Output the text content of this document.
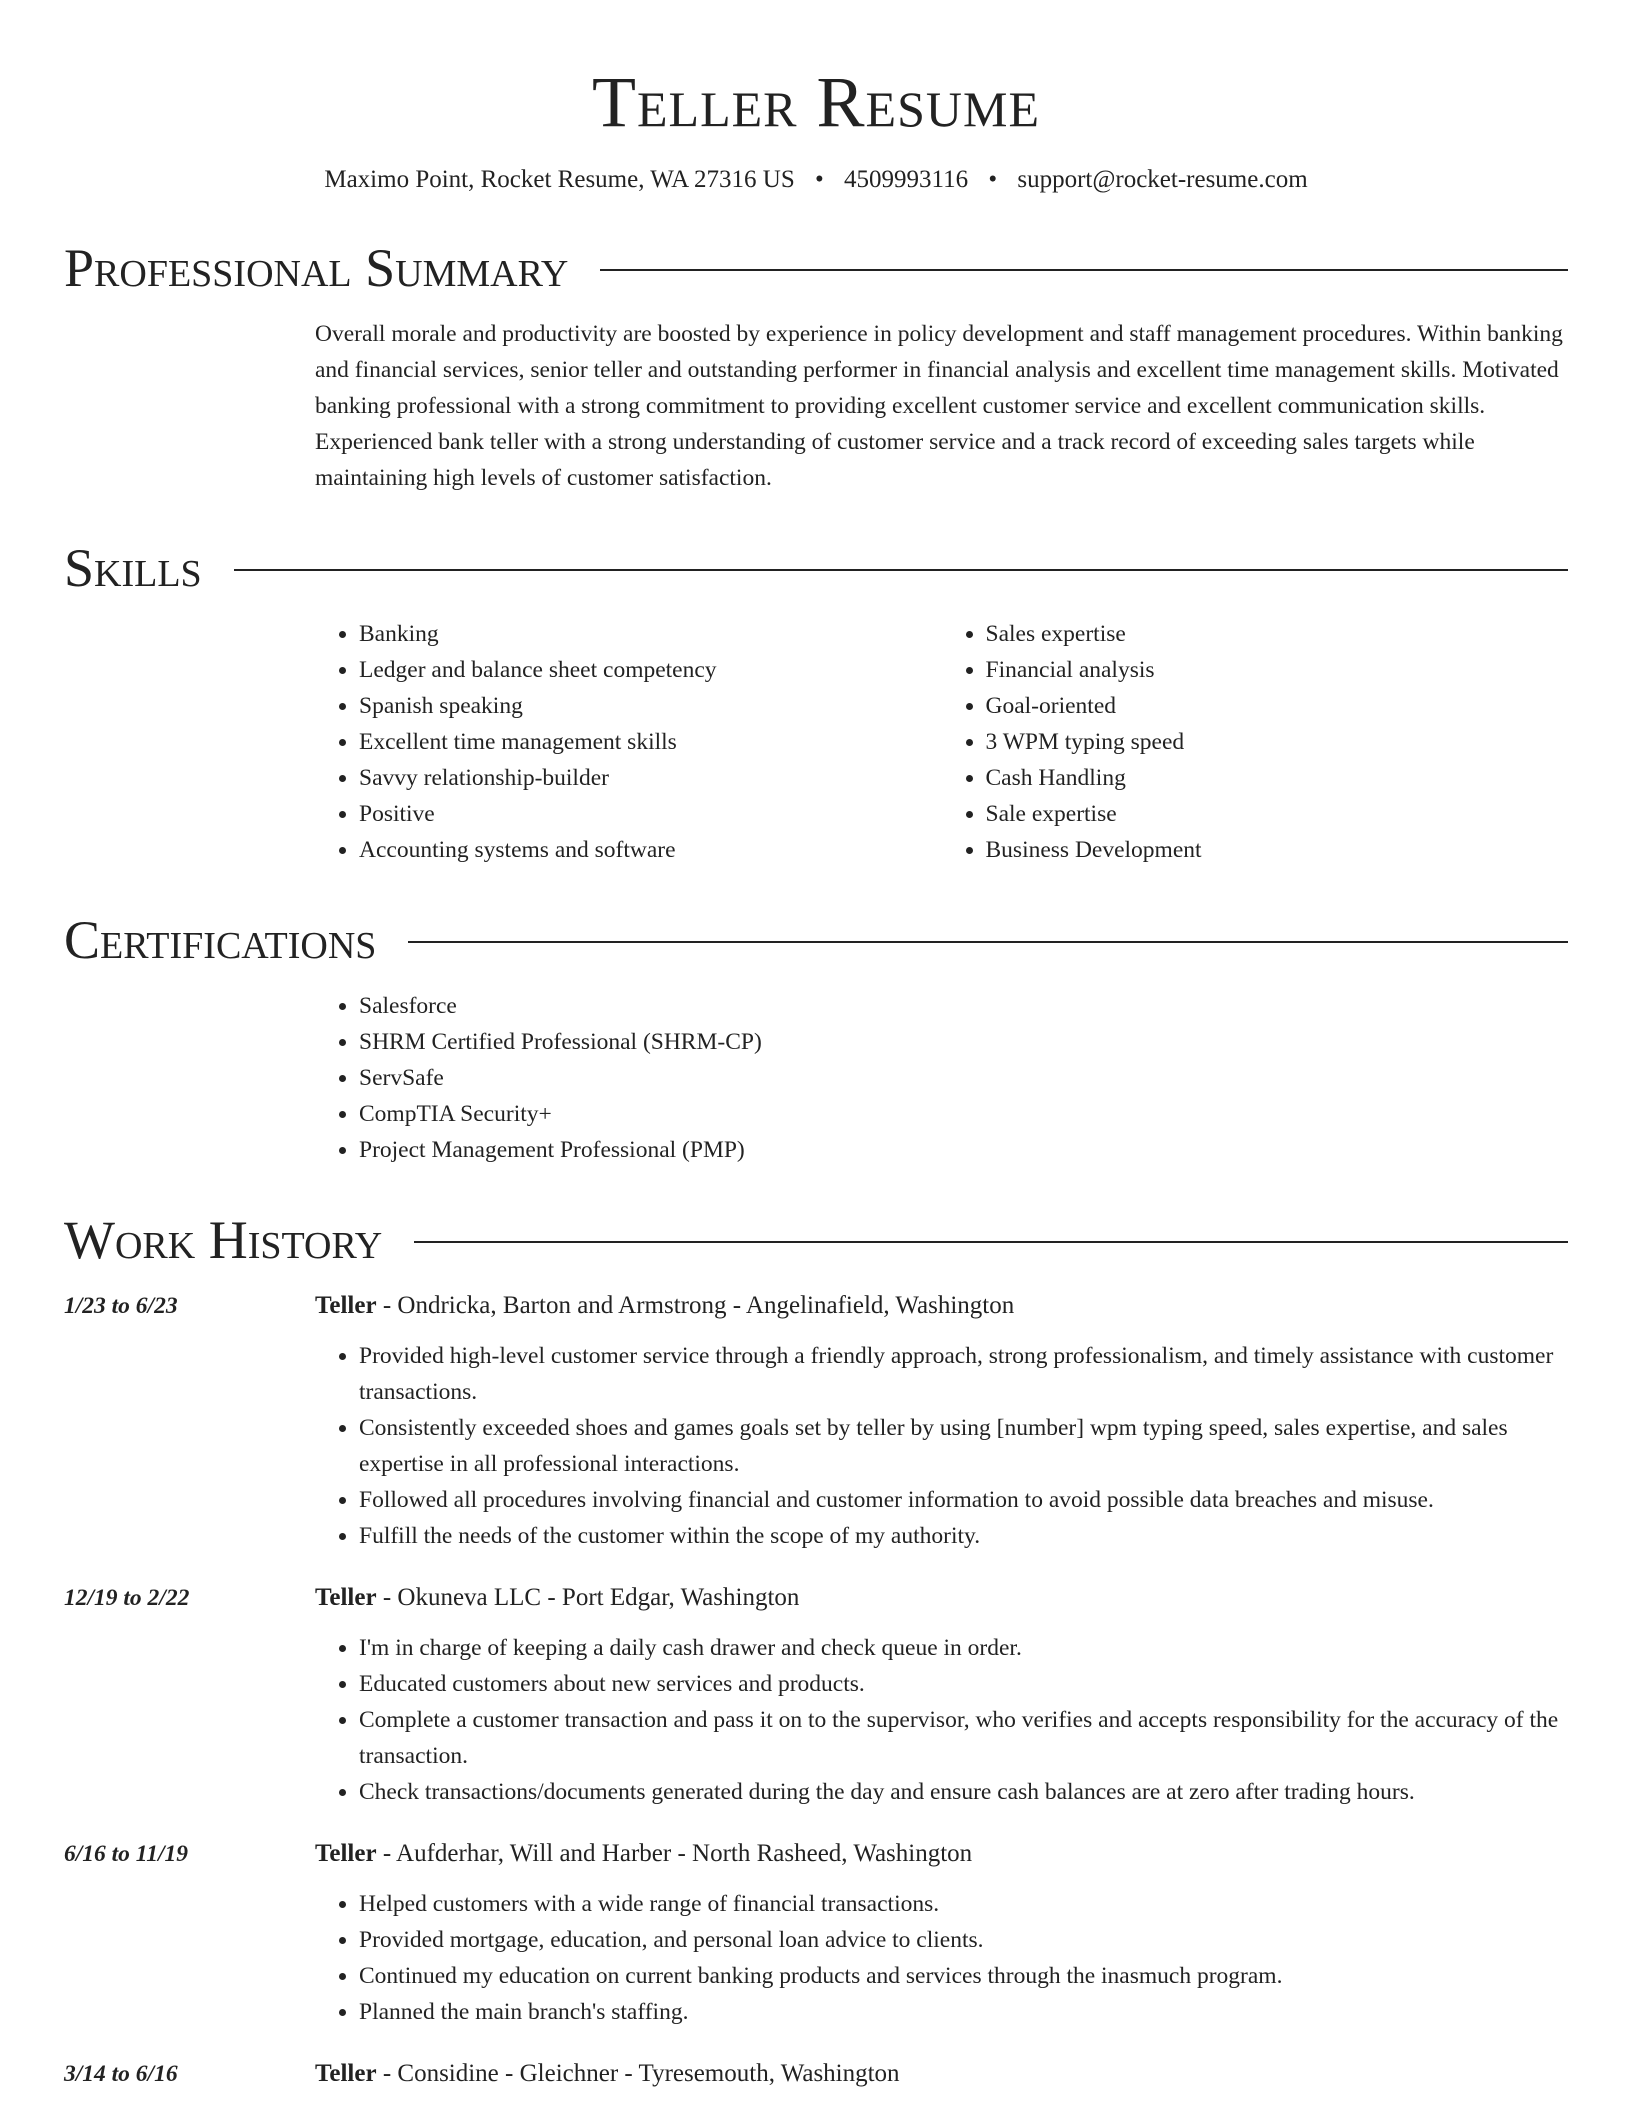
Teller Resume
Maximo Point, Rocket Resume, WA 27316 US • 4509993116 • support@rocket-resume.com
Professional Summary
Overall morale and productivity are boosted by experience in policy development and staff management procedures. Within banking and financial services, senior teller and outstanding performer in financial analysis and excellent time management skills. Motivated banking professional with a strong commitment to providing excellent customer service and excellent communication skills. Experienced bank teller with a strong understanding of customer service and a track record of exceeding sales targets while maintaining high levels of customer satisfaction.
Skills
• Banking
• Ledger and balance sheet competency
• Spanish speaking
• Excellent time management skills
• Savvy relationship-builder
• Positive
• Accounting systems and software
• Sales expertise
• Financial analysis
• Goal-oriented
• 3 WPM typing speed
• Cash Handling
• Sale expertise
• Business Development
Certifications
• Salesforce
• SHRM Certified Professional (SHRM-CP)
• ServSafe
• CompTIA Security+
• Project Management Professional (PMP)
Work History
1/23 to 6/23	Teller - Ondricka, Barton and Armstrong - Angelinafield, Washington
• Provided high-level customer service through a friendly approach, strong professionalism, and timely assistance with customer transactions.
• Consistently exceeded shoes and games goals set by teller by using [number] wpm typing speed, sales expertise, and sales expertise in all professional interactions.
• Followed all procedures involving financial and customer information to avoid possible data breaches and misuse.
• Fulfill the needs of the customer within the scope of my authority.
12/19 to 2/22	Teller - Okuneva LLC - Port Edgar, Washington
• I'm in charge of keeping a daily cash drawer and check queue in order.
• Educated customers about new services and products.
• Complete a customer transaction and pass it on to the supervisor, who verifies and accepts responsibility for the accuracy of the transaction.
• Check transactions/documents generated during the day and ensure cash balances are at zero after trading hours.
6/16 to 11/19	Teller - Aufderhar, Will and Harber - North Rasheed, Washington
• Helped customers with a wide range of financial transactions.
• Provided mortgage, education, and personal loan advice to clients.
• Continued my education on current banking products and services through the inasmuch program.
• Planned the main branch's staffing.
3/14 to 6/16	Teller - Considine - Gleichner - Tyresemouth, Washington
